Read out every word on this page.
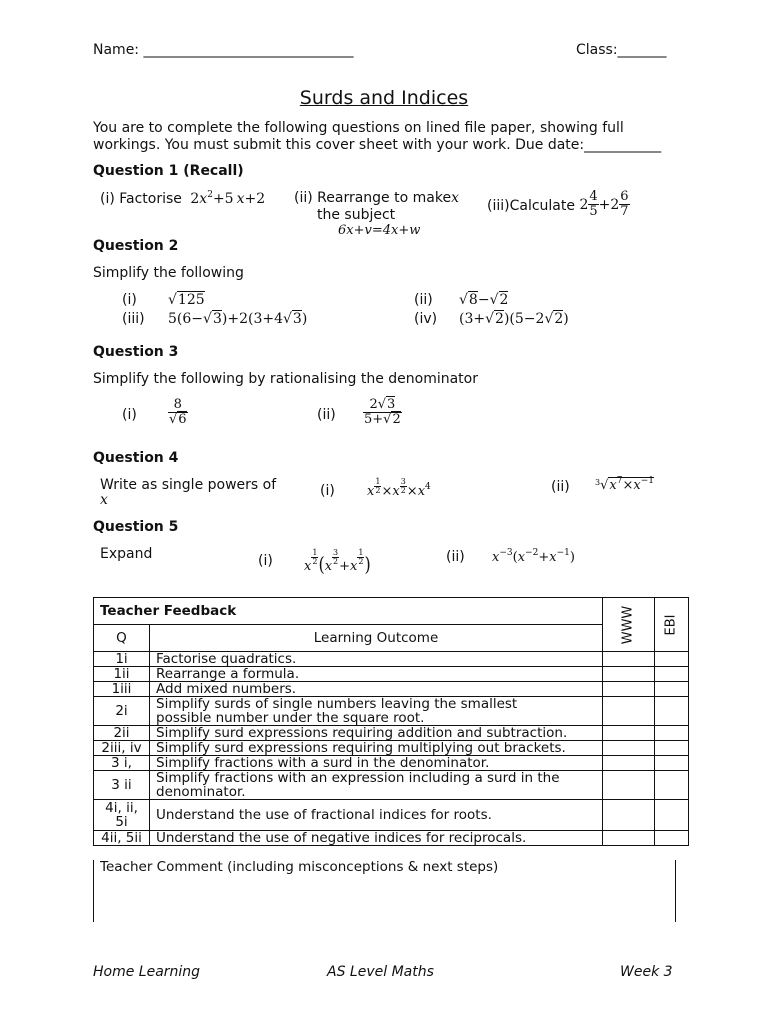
Name: ______________________________	Class:_______
Surds and Indices
You are to complete the following questions on lined file paper, showing full
workings. You must submit this cover sheet with your work. Due date:___________
Question 1 (Recall)
(i) Factorise $2x^2+5$ x+2 (ii) Rearrange to makex
the subject
6x+v=4x+w
(iii)Calculate $2 \frac{4}{5} +2 \frac{6}{7}$
Question 2
Simplify the following
(i) √125
(iii) 5(6−√3)+2(3+4√3)
(ii) √8−√2
(iv) (3+√2)(5−2√2)
Question 3
Simplify the following by rationalising the denominator
$(i) \frac{8}{√6}$	$(ii) \frac{2√3}{5+√2}$
Question 4
Write as single powers of
x
(i) x $\frac{1}{2} \times x \frac{3}{2} \times x^4$	(ii)	$^3√x^7\times x^{-1}$
Question 5
Expand	(i) x
$\frac{1}{2} (x$
$\frac{3}{2}$
+x
$\frac{1}{2}$ )	(ii) $x^{-3}(x^{-2}+x^{-1})$
Teacher Feedback		WWW	EBI
Q	Learning Outcome		
1i	Factorise quadratics.		
1ii	Rearrange a formula.		
1iii	Add mixed numbers.		
2i	Simplify surds of single numbers leaving the smallest
possible number under the square root.		

2ii	Simplify surd expressions requiring addition and subtraction.		
2iii, iv	Simplify surd expressions requiring multiplying out brackets.		
3 i,	Simplify fractions with a surd in the denominator.		
3 ii	Simplify fractions with an expression including a surd in the
denominator.		

4i, ii,
5i	Understand the use of fractional indices for roots.		
4ii, 5ii	Understand the use of negative indices for reciprocals.		
Teacher Comment (including misconceptions & next steps)
Home Learning	AS Level Maths	Week 3
